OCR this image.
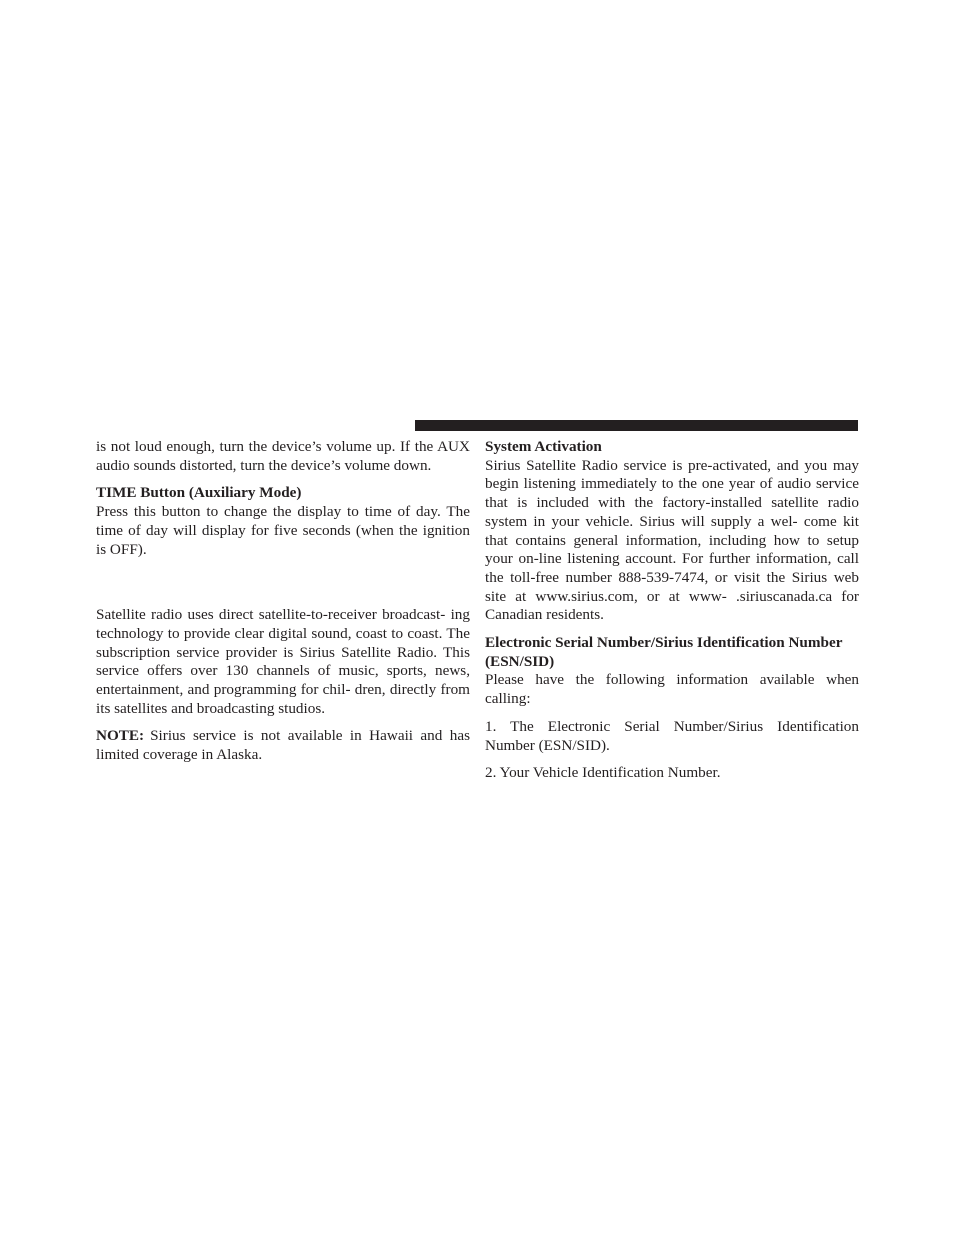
is not loud enough, turn the device’s volume up. If the AUX audio sounds distorted, turn the device’s volume down.

TIME Button (Auxiliary Mode)

Press this button to change the display to time of day. The time of day will display for five seconds (when the ignition is OFF).

Satellite radio uses direct satellite-to-receiver broadcast- ing technology to provide clear digital sound, coast to coast. The subscription service provider is Sirius Satellite Radio. This service offers over 130 channels of music, sports, news, entertainment, and programming for chil- dren, directly from its satellites and broadcasting studios.

NOTE: Sirius service is not available in Hawaii and has limited coverage in Alaska.

System Activation

Sirius Satellite Radio service is pre-activated, and you may begin listening immediately to the one year of audio service that is included with the factory-installed satellite radio system in your vehicle. Sirius will supply a wel- come kit that contains general information, including how to setup your on-line listening account. For further information, call the toll-free number 888-539-7474, or visit the Sirius web site at www.sirius.com, or at www- .siriuscanada.ca for Canadian residents.

Electronic Serial Number/Sirius Identification Number (ESN/SID)

Please have the following information available when calling:

1. The Electronic Serial Number/Sirius Identification Number (ESN/SID).

2. Your Vehicle Identification Number.
